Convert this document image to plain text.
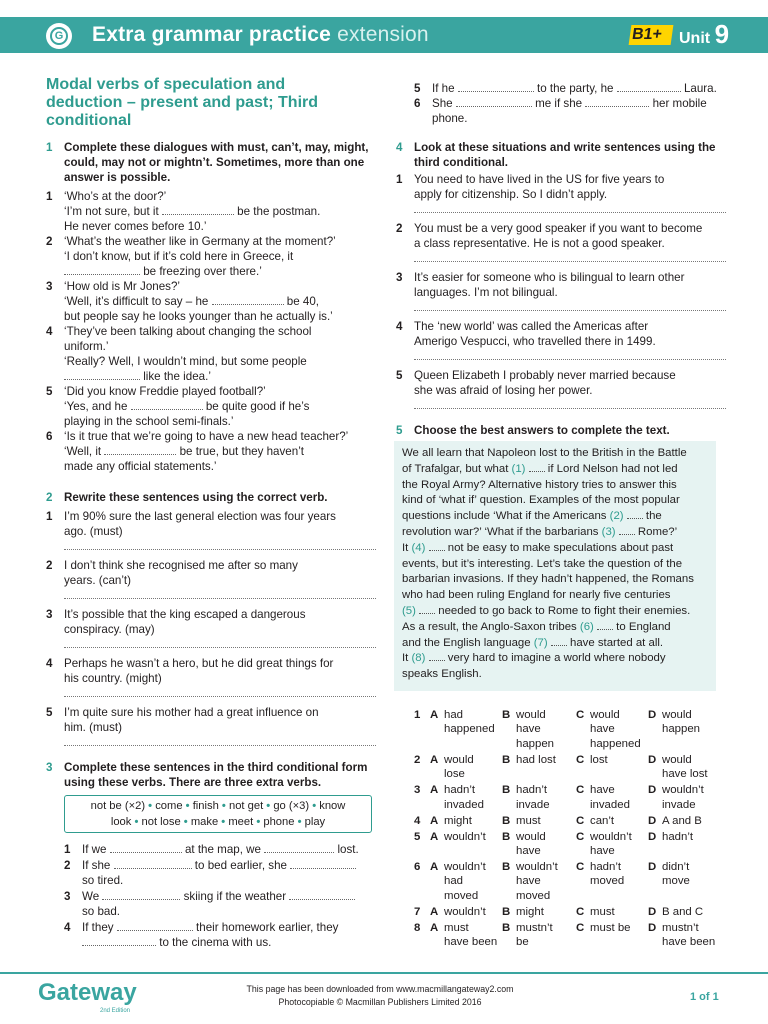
G	Extra grammar practice extension	B1+ Unit 9
Modal verbs of speculation and deduction – present and past; Third conditional
1 Complete these dialogues with must, can’t, may, might, could, may not or mightn’t. Sometimes, more than one answer is possible.
1 ‘Who’s at the door?’
‘I’m not sure, but it	be the postman.
He never comes before 10.’
2 ‘What’s the weather like in Germany at the moment?’
‘I don’t know, but if it’s cold here in Greece, it
be freezing over there.’
3 ‘How old is Mr Jones?’
‘Well, it’s difficult to say – he	be 40,
but people say he looks younger than he actually is.’
4 ‘They’ve been talking about changing the school
uniform.’
‘Really? Well, I wouldn’t mind, but some people
like the idea.’
5 ‘Did you know Freddie played football?’
‘Yes, and he	be quite good if he’s
playing in the school semi-finals.’
6 ‘Is it true that we’re going to have a new head teacher?’
‘Well, it	be true, but they haven’t
made any official statements.’
2 Rewrite these sentences using the correct verb.
1 I’m 90% sure the last general election was four years
ago. (must)
2 I don’t think she recognised me after so many
years. (can’t)
3 It’s possible that the king escaped a dangerous
conspiracy. (may)
4 Perhaps he wasn’t a hero, but he did great things for
his country. (might)
5 I’m quite sure his mother had a great influence on
him. (must)
3 Complete these sentences in the third conditional form using these verbs. There are three extra verbs.
not be (×2) • come • finish • not get • go (×3) • know
look • not lose • make • meet • phone • play
1 If we	at the map, we	lost.
2 If she	to bed earlier, she
so tired.
3 We	skiing if the weather
so bad.
4 If they	their homework earlier, they
to the cinema with us.
5 If he	to the party, he	Laura.
6 She	me if she	her mobile
phone.
4 Look at these situations and write sentences using the third conditional.
1 You need to have lived in the US for five years to
apply for citizenship. So I didn’t apply.
2 You must be a very good speaker if you want to become
a class representative. He is not a good speaker.
3 It’s easier for someone who is bilingual to learn other
languages. I’m not bilingual.
4 The ‘new world’ was called the Americas after
Amerigo Vespucci, who travelled there in 1499.
5 Queen Elizabeth I probably never married because
she was afraid of losing her power.
5 Choose the best answers to complete the text.
We all learn that Napoleon lost to the British in the Battle
of Trafalgar, but what (1)  if Lord Nelson had not led
the Royal Army? Alternative history tries to answer this
kind of ‘what if’ question. Examples of the most popular
questions include ‘What if the Americans (2)  the
revolution war?’ ‘What if the barbarians (3)  Rome?’
It (4)  not be easy to make speculations about past
events, but it’s interesting. Let’s take the question of the
barbarian invasions. If they hadn’t happened, the Romans
who had been ruling England for nearly five centuries
(5)  needed to go back to Rome to fight their enemies.
As a result, the Anglo-Saxon tribes (6)  to England
and the English language (7)  have started at all.
It (8)  very hard to imagine a world where nobody
speaks English.
1 A had
happened
B would
have
happen
C would
have
happened
D would
happen
2 A would
lose
B had lost	C lost	D would
have lost
3 A hadn’t
invaded
B hadn’t
invade
C have
invaded
D wouldn’t
invade
4 A might	B must	C can’t	D A and B
5 A wouldn’t	B would
have
C wouldn’t
have
D hadn’t
6 A wouldn’t
had
moved
B wouldn’t
have
moved
C hadn’t
moved
D didn’t
move
7 A wouldn’t	B might	C must	D B and C
8 A must
have been
B mustn’t
be
C must be	D mustn’t
have been
Gateway
2nd Edition
This page has been downloaded from www.macmillangateway2.com
Photocopiable © Macmillan Publishers Limited 2016	1 of 1
